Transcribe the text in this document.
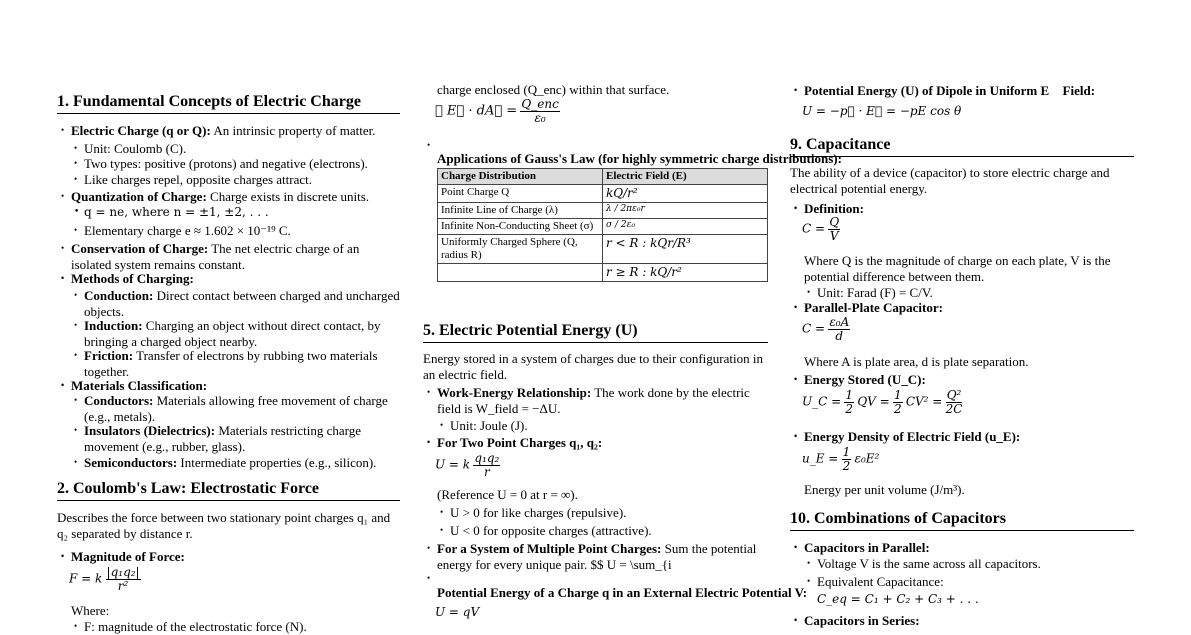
1. Fundamental Concepts of Electric Charge
• Electric Charge (q or Q): An intrinsic property of matter.
• Unit: Coulomb (C).
• Two types: positive (protons) and negative (electrons).
• Like charges repel, opposite charges attract.
• Quantization of Charge: Charge exists in discrete units.
• q = ne, where n = ±1, ±2, . . .
• Elementary charge e ≈ 1.602 × 10⁻¹⁹ C.
• Conservation of Charge: The net electric charge of an isolated system remains constant.
• Methods of Charging:
• Conduction: Direct contact between charged and uncharged objects.
• Induction: Charging an object without direct contact, by bringing a charged object nearby.
• Friction: Transfer of electrons by rubbing two materials together.
• Materials Classification:
• Conductors: Materials allowing free movement of charge (e.g., metals).
• Insulators (Dielectrics): Materials restricting charge movement (e.g., rubber, glass).
• Semiconductors: Intermediate properties (e.g., silicon).
2. Coulomb's Law: Electrostatic Force
Describes the force between two stationary point charges q₁ and q₂ separated by distance r.
• Magnitude of Force:
F = k $\frac{\text{|q₁q₂|}}{\text{r²}}$
Where:
• F: magnitude of the electrostatic force (N).
charge enclosed (Q_enc) within that surface.
∮ E⃗ · dA⃗ = $\frac{\text{Q\_enc}}{\text{ε₀}}$
Applications of Gauss's Law (for highly symmetric charge distributions):
Charge Distribution	Electric Field (E)
Point Charge Q	kQ/r²
Infinite Line of Charge (λ)	λ / 2πε₀r
Infinite Non-Conducting Sheet (σ)	σ / 2ε₀
Uniformly Charged Sphere (Q, radius R)	r < R : kQr/R³
	r ≥ R : kQ/r²
5. Electric Potential Energy (U)
Energy stored in a system of charges due to their configuration in an electric field.
• Work-Energy Relationship: The work done by the electric field is W_field = −ΔU.
• Unit: Joule (J).
• For Two Point Charges q₁, q₂:
U = k $\frac{\text{q₁q₂}}{r}$
(Reference U = 0 at r = ∞).
• U > 0 for like charges (repulsive).
• U < 0 for opposite charges (attractive).
• For a System of Multiple Point Charges: Sum the potential energy for every unique pair. $$ U = \sum_{i
Potential Energy of a Charge q in an External Electric Potential V:
U = qV
• Potential Energy (U) of Dipole in Uniform E⃗ Field:
U = −p⃗ · E⃗ = −pE cos θ
9. Capacitance
The ability of a device (capacitor) to store electric charge and electrical potential energy.
• Definition:
$C = \frac{Q}{V}$
Where Q is the magnitude of charge on each plate, V is the potential difference between them.
• Unit: Farad (F) = C/V.
• Parallel-Plate Capacitor:
$C = \frac{\text{ε₀A}}{d}$
Where A is plate area, d is plate separation.
• Energy Stored (U_C):
U_C = $\frac{1}{2}$ QV = $\frac{1}{2} CV^2 = \frac{\text{Q²}}{2C}$
• Energy Density of Electric Field (u_E):
u_E = $\frac{1}{2} \varepsilon_0E^2$
Energy per unit volume (J/m³).
10. Combinations of Capacitors
• Capacitors in Parallel:
• Voltage V is the same across all capacitors.
• Equivalent Capacitance:
C_eq = C₁ + C₂ + C₃ + . . .
• Capacitors in Series:
